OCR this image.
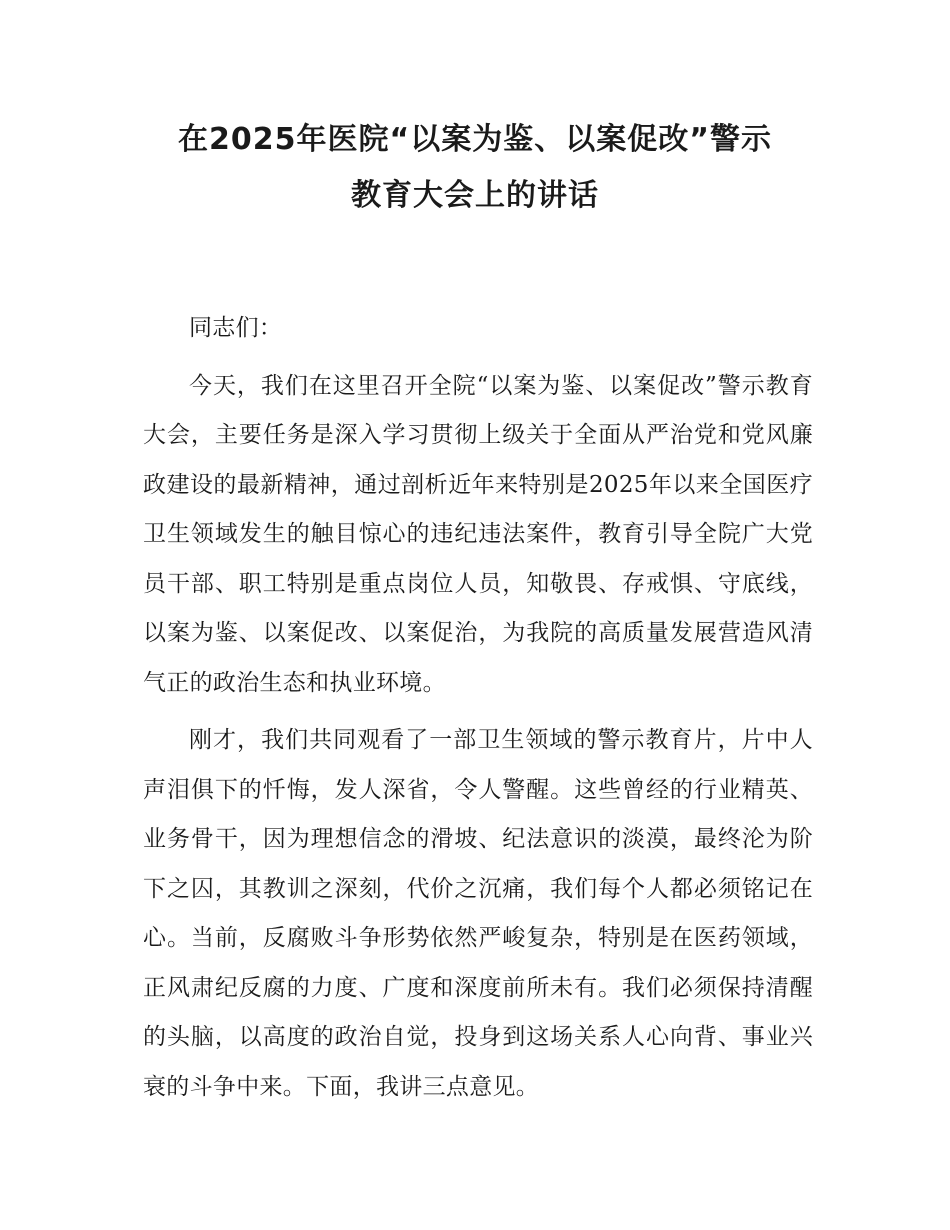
在2025年医院“以案为鉴、以案促改”警示
教育大会上的讲话

同志们：

今天，我们在这里召开全院“以案为鉴、以案促改”警示教育大会，主要任务是深入学习贯彻上级关于全面从严治党和党风廉政建设的最新精神，通过剖析近年来特别是2025年以来全国医疗卫生领域发生的触目惊心的违纪违法案件，教育引导全院广大党员干部、职工特别是重点岗位人员，知敬畏、存戒惧、守底线，以案为鉴、以案促改、以案促治，为我院的高质量发展营造风清气正的政治生态和执业环境。

刚才，我们共同观看了一部卫生领域的警示教育片，片中人声泪俱下的忏悔，发人深省，令人警醒。这些曾经的行业精英、业务骨干，因为理想信念的滑坡、纪法意识的淡漠，最终沦为阶下之囚，其教训之深刻，代价之沉痛，我们每个人都必须铭记在心。当前，反腐败斗争形势依然严峻复杂，特别是在医药领域，正风肃纪反腐的力度、广度和深度前所未有。我们必须保持清醒的头脑，以高度的政治自觉，投身到这场关系人心向背、事业兴衰的斗争中来。下面，我讲三点意见。
